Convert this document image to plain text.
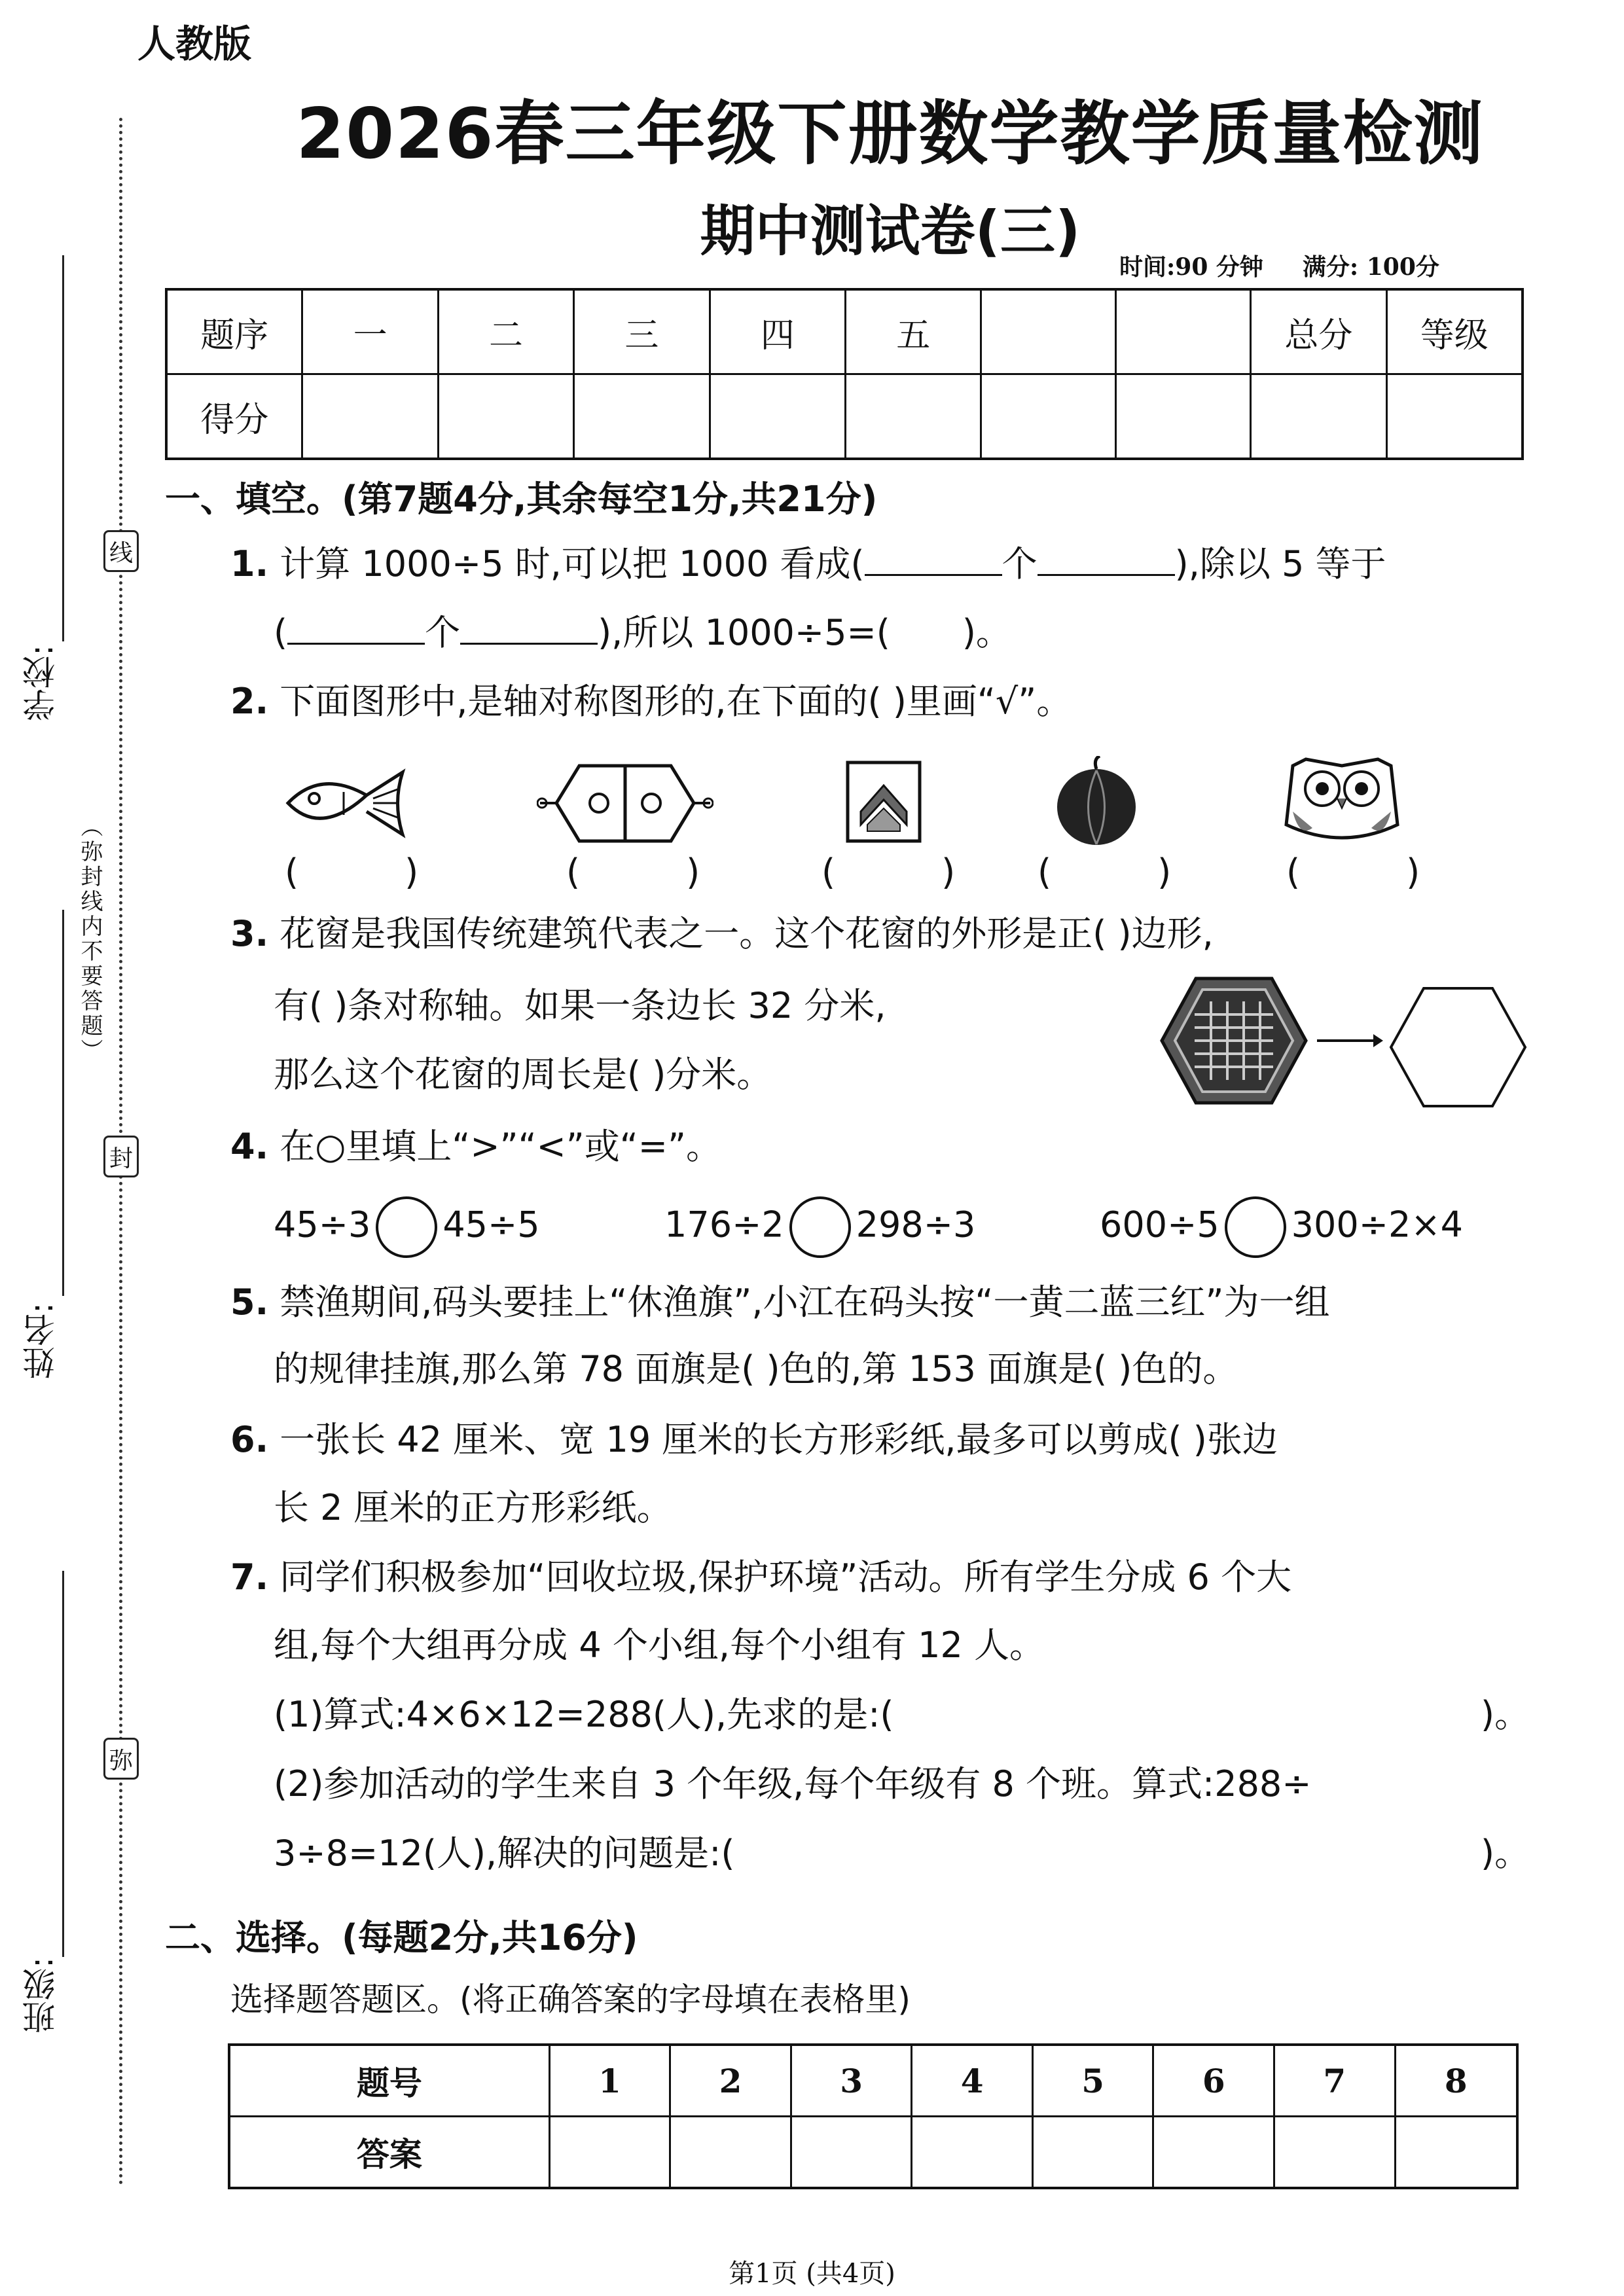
学校:
姓名:
班级:
线
封
弥
（弥封线内不要答题）
人教版
2026春三年级下册数学教学质量检测
期中测试卷(三)
时间:90 分钟 满分: 100分
题序	一	二	三	四	五			总分	等级
得分									
一、填空。(第7题4分,其余每空1分,共21分)
1. 计算 1000÷5 时,可以把 1000 看成(	个	),除以 5 等于
(	个	),所以 1000÷5=( )。
2. 下面图形中,是轴对称图形的,在下面的( )里画“√”。
(　　　)	(　　　)	(　　　) (　　　)	(　　　)
3. 花窗是我国传统建筑代表之一。这个花窗的外形是正( )边形,
有( )条对称轴。如果一条边长 32 分米,
那么这个花窗的周长是( )分米。
4. 在○里填上“>”“<”或“=”。
45÷3 45÷5	176÷2 298÷3	600÷5 300÷2×4
5. 禁渔期间,码头要挂上“休渔旗”,小江在码头按“一黄二蓝三红”为一组
的规律挂旗,那么第 78 面旗是( )色的,第 153 面旗是( )色的。
6. 一张长 42 厘米、宽 19 厘米的长方形彩纸,最多可以剪成( )张边
长 2 厘米的正方形彩纸。
7. 同学们积极参加“回收垃圾,保护环境”活动。所有学生分成 6 个大
组,每个大组再分成 4 个小组,每个小组有 12 人。
(1)算式:4×6×12=288(人),先求的是:(	)。
(2)参加活动的学生来自 3 个年级,每个年级有 8 个班。算式:288÷
3÷8=12(人),解决的问题是:(	)。
二、选择。(每题2分,共16分)
选择题答题区。(将正确答案的字母填在表格里)
题号	1	2	3	4	5	6	7	8
答案								
第1页 (共4页)
